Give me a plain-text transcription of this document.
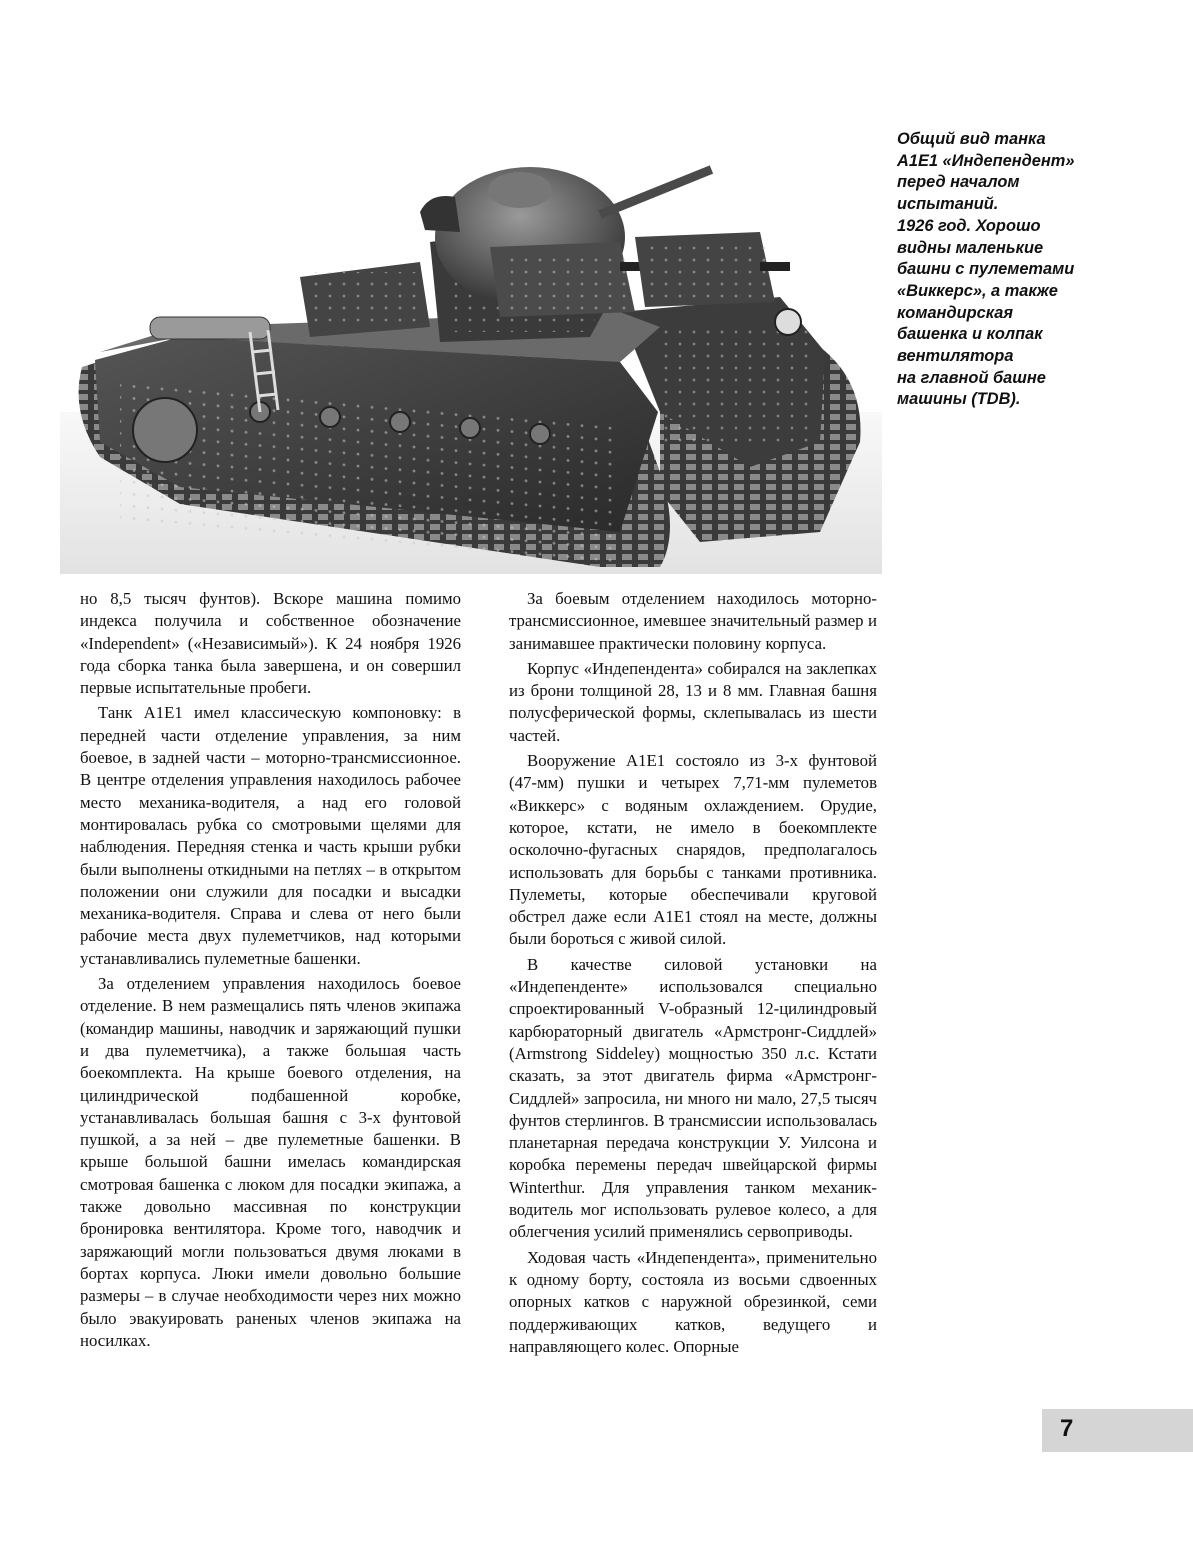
Общий вид танка
A1E1 «Индепендент»
перед началом
испытаний.
1926 год. Хорошо
видны маленькие
башни с пулеметами
«Виккерс», а также
командирская
башенка и колпак
вентилятора
на главной башне
машины (TDB).

но 8,5 тысяч фунтов). Вскоре машина помимо индекса получила и собственное обозначение «Independent» («Независимый»). К 24 ноября 1926 года сборка танка была завершена, и он совершил первые испытательные пробеги.

Танк A1E1 имел классическую компоновку: в передней части отделение управления, за ним боевое, в задней части – моторно-трансмиссионное. В центре отделения управления находилось рабочее место механика-водителя, а над его головой монтировалась рубка со смотровыми щелями для наблюдения. Передняя стенка и часть крыши рубки были выполнены откидными на петлях – в открытом положении они служили для посадки и высадки механика-водителя. Справа и слева от него были рабочие места двух пулеметчиков, над которыми устанавливались пулеметные башенки.

За отделением управления находилось боевое отделение. В нем размещались пять членов экипажа (командир машины, наводчик и заряжающий пушки и два пулеметчика), а также большая часть боекомплекта. На крыше боевого отделения, на цилиндрической подбашенной коробке, устанавливалась большая башня с 3-х фунтовой пушкой, а за ней – две пулеметные башенки. В крыше большой башни имелась командирская смотровая башенка с люком для посадки экипажа, а также довольно массивная по конструкции бронировка вентилятора. Кроме того, наводчик и заряжающий могли пользоваться двумя люками в бортах корпуса. Люки имели довольно большие размеры – в случае необходимости через них можно было эвакуировать раненых членов экипажа на носилках.

За боевым отделением находилось моторно-трансмиссионное, имевшее значительный размер и занимавшее практически половину корпуса.

Корпус «Индепендента» собирался на заклепках из брони толщиной 28, 13 и 8 мм. Главная башня полусферической формы, склепывалась из шести частей.

Вооружение A1E1 состояло из 3-х фунтовой (47-мм) пушки и четырех 7,71-мм пулеметов «Виккерс» с водяным охлаждением. Орудие, которое, кстати, не имело в боекомплекте осколочно-фугасных снарядов, предполагалось использовать для борьбы с танками противника. Пулеметы, которые обеспечивали круговой обстрел даже если A1E1 стоял на месте, должны были бороться с живой силой.

В качестве силовой установки на «Индепенденте» использовался специально спроектированный V-образный 12-цилиндровый карбюраторный двигатель «Армстронг-Сиддлей» (Armstrong Siddeley) мощностью 350 л.с. Кстати сказать, за этот двигатель фирма «Армстронг-Сиддлей» запросила, ни много ни мало, 27,5 тысяч фунтов стерлингов. В трансмиссии использовалась планетарная передача конструкции У. Уилсона и коробка перемены передач швейцарской фирмы Winterthur. Для управления танком механик-водитель мог использовать рулевое колесо, а для облегчения усилий применялись сервоприводы.

Ходовая часть «Индепендента», применительно к одному борту, состояла из восьми сдвоенных опорных катков с наружной обрезинкой, семи поддерживающих катков, ведущего и направляющего колес. Опорные

7
